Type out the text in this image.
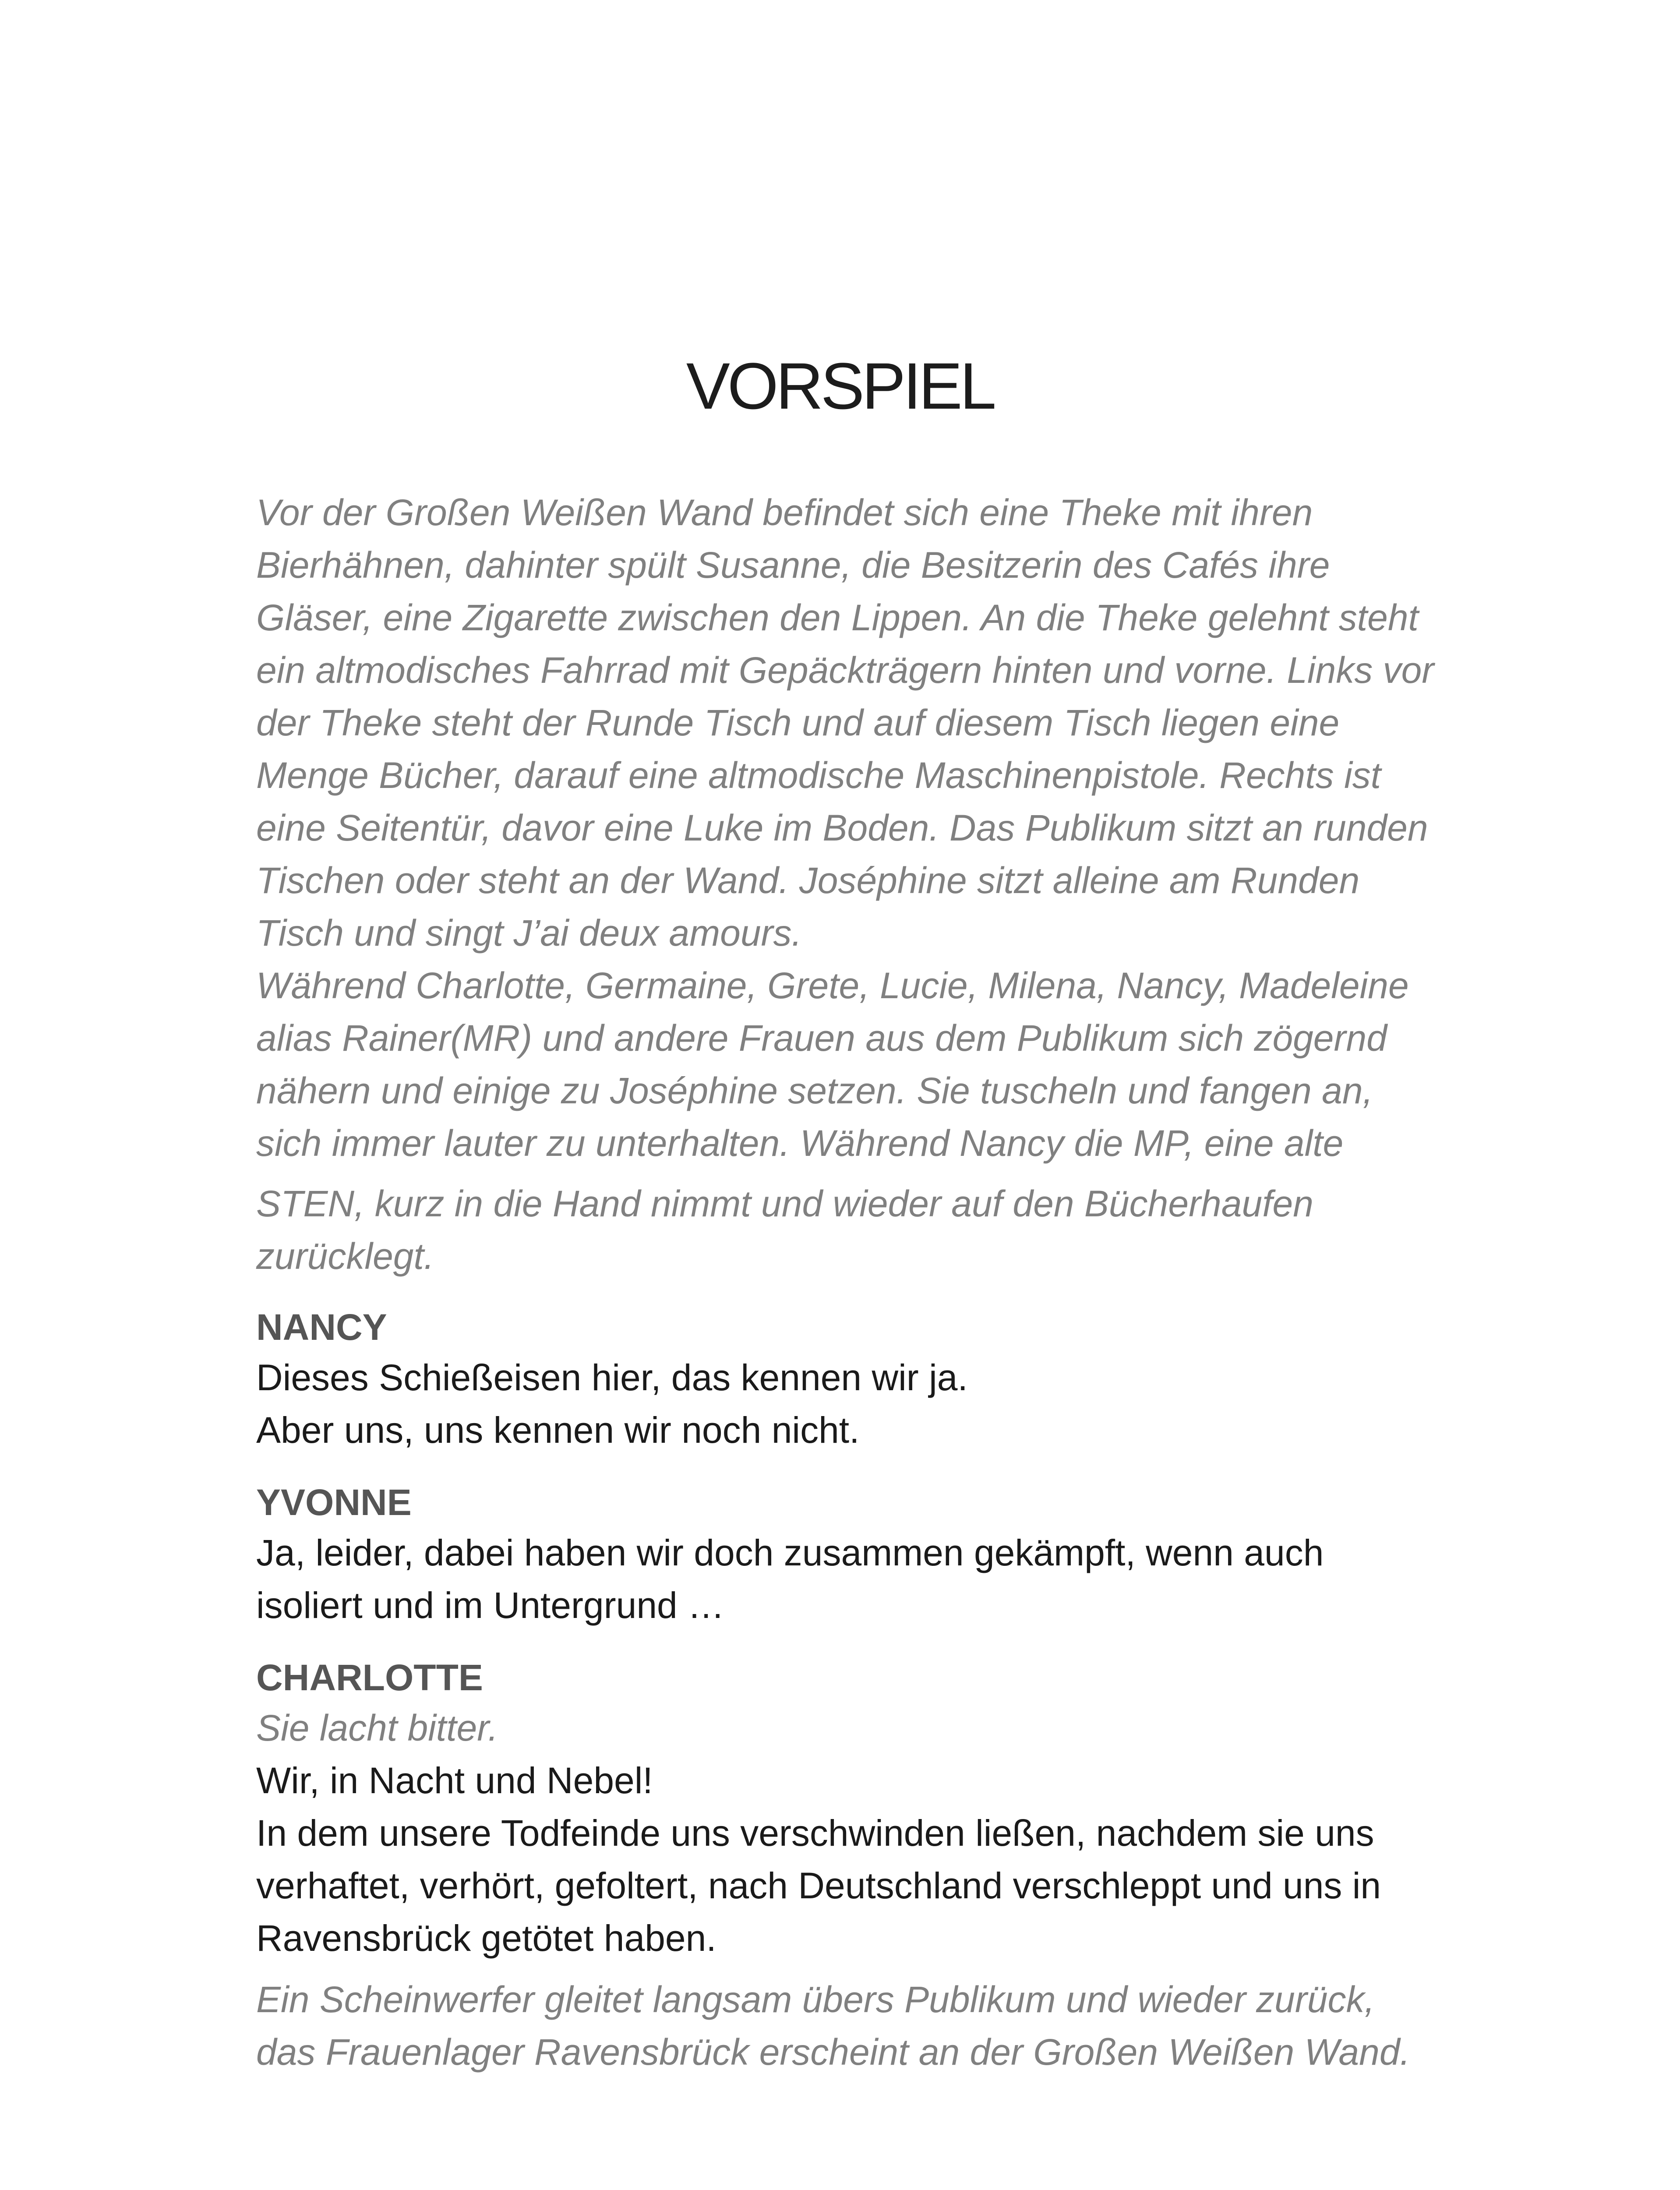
VORSPIEL
Vor der Großen Weißen Wand befindet sich eine Theke mit ihren
Bierhähnen, dahinter spült Susanne, die Besitzerin des Cafés ihre
Gläser, eine Zigarette zwischen den Lippen. An die Theke gelehnt steht
ein altmodisches Fahrrad mit Gepäckträgern hinten und vorne. Links vor
der Theke steht der Runde Tisch und auf diesem Tisch liegen eine
Menge Bücher, darauf eine altmodische Maschinenpistole. Rechts ist
eine Seitentür, davor eine Luke im Boden. Das Publikum sitzt an runden
Tischen oder steht an der Wand. Joséphine sitzt alleine am Runden
Tisch und singt J’ai deux amours.
Während Charlotte, Germaine, Grete, Lucie, Milena, Nancy, Madeleine
alias Rainer(MR) und andere Frauen aus dem Publikum sich zögernd
nähern und einige zu Joséphine setzen. Sie tuscheln und fangen an,
sich immer lauter zu unterhalten. Während Nancy die MP, eine alte
STEN, kurz in die Hand nimmt und wieder auf den Bücherhaufen
zurücklegt.
NANCY
Dieses Schießeisen hier, das kennen wir ja.
Aber uns, uns kennen wir noch nicht.
YVONNE
Ja, leider, dabei haben wir doch zusammen gekämpft, wenn auch
isoliert und im Untergrund …
CHARLOTTE
Sie lacht bitter.
Wir, in Nacht und Nebel!
In dem unsere Todfeinde uns verschwinden ließen, nachdem sie uns
verhaftet, verhört, gefoltert, nach Deutschland verschleppt und uns in
Ravensbrück getötet haben.
Ein Scheinwerfer gleitet langsam übers Publikum und wieder zurück,
das Frauenlager Ravensbrück erscheint an der Großen Weißen Wand.
